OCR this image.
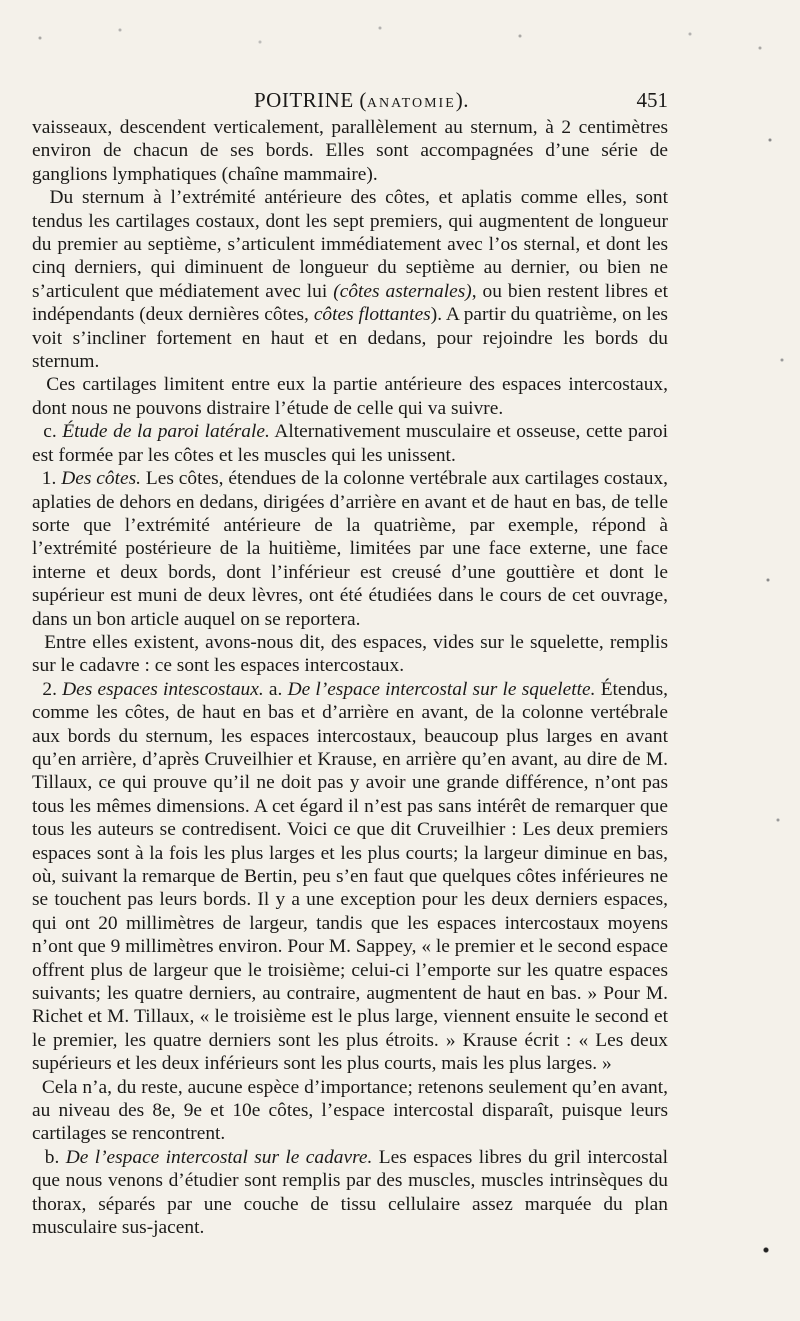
POITRINE (ANATOMIE).	451

vaisseaux, descendent verticalement, parallèlement au sternum, à 2 centimètres environ de chacun de ses bords. Elles sont accompagnées d’une série de ganglions lymphatiques (chaîne mammaire).

Du sternum à l’extrémité antérieure des côtes, et aplatis comme elles, sont tendus les cartilages costaux, dont les sept premiers, qui augmentent de longueur du premier au septième, s’articulent immédiatement avec l’os sternal, et dont les cinq derniers, qui diminuent de longueur du septième au dernier, ou bien ne s’articulent que médiatement avec lui (côtes asternales), ou bien restent libres et indépendants (deux dernières côtes, côtes flottantes). A partir du quatrième, on les voit s’incliner fortement en haut et en dedans, pour rejoindre les bords du sternum.

Ces cartilages limitent entre eux la partie antérieure des espaces intercostaux, dont nous ne pouvons distraire l’étude de celle qui va suivre.

c. Étude de la paroi latérale. Alternativement musculaire et osseuse, cette paroi est formée par les côtes et les muscles qui les unissent.

1. Des côtes. Les côtes, étendues de la colonne vertébrale aux cartilages costaux, aplaties de dehors en dedans, dirigées d’arrière en avant et de haut en bas, de telle sorte que l’extrémité antérieure de la quatrième, par exemple, répond à l’extrémité postérieure de la huitième, limitées par une face externe, une face interne et deux bords, dont l’inférieur est creusé d’une gouttière et dont le supérieur est muni de deux lèvres, ont été étudiées dans le cours de cet ouvrage, dans un bon article auquel on se reportera.

Entre elles existent, avons-nous dit, des espaces, vides sur le squelette, remplis sur le cadavre : ce sont les espaces intercostaux.

2. Des espaces intescostaux. a. De l’espace intercostal sur le squelette. Étendus, comme les côtes, de haut en bas et d’arrière en avant, de la colonne vertébrale aux bords du sternum, les espaces intercostaux, beaucoup plus larges en avant qu’en arrière, d’après Cruveilhier et Krause, en arrière qu’en avant, au dire de M. Tillaux, ce qui prouve qu’il ne doit pas y avoir une grande différence, n’ont pas tous les mêmes dimensions. A cet égard il n’est pas sans intérêt de remarquer que tous les auteurs se contredisent. Voici ce que dit Cruveilhier : Les deux premiers espaces sont à la fois les plus larges et les plus courts; la largeur diminue en bas, où, suivant la remarque de Bertin, peu s’en faut que quelques côtes inférieures ne se touchent pas leurs bords. Il y a une exception pour les deux derniers espaces, qui ont 20 millimètres de largeur, tandis que les espaces intercostaux moyens n’ont que 9 millimètres environ. Pour M. Sappey, « le premier et le second espace offrent plus de largeur que le troisième; celui-ci l’emporte sur les quatre espaces suivants; les quatre derniers, au contraire, augmentent de haut en bas. » Pour M. Richet et M. Tillaux, « le troisième est le plus large, viennent ensuite le second et le premier, les quatre derniers sont les plus étroits. » Krause écrit : « Les deux supérieurs et les deux inférieurs sont les plus courts, mais les plus larges. »

Cela n’a, du reste, aucune espèce d’importance; retenons seulement qu’en avant, au niveau des 8e, 9e et 10e côtes, l’espace intercostal disparaît, puisque leurs cartilages se rencontrent.

b. De l’espace intercostal sur le cadavre. Les espaces libres du gril intercostal que nous venons d’étudier sont remplis par des muscles, muscles intrinsèques du thorax, séparés par une couche de tissu cellulaire assez marquée du plan musculaire sus-jacent.
